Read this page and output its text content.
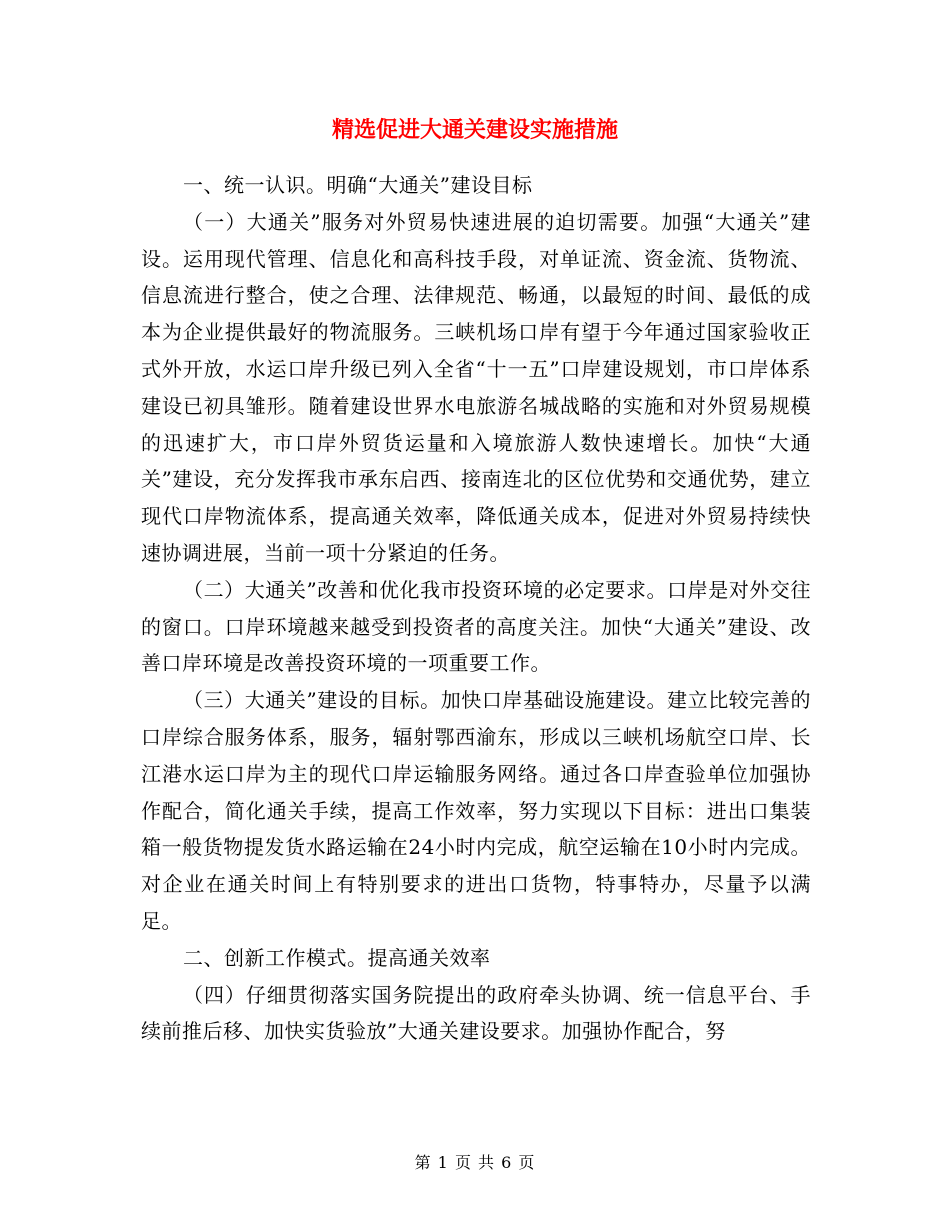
精选促进大通关建设实施措施

一、统一认识。明确“大通关”建设目标

（一）大通关”服务对外贸易快速进展的迫切需要。加强“大通关”建设。运用现代管理、信息化和高科技手段，对单证流、资金流、货物流、信息流进行整合，使之合理、法律规范、畅通，以最短的时间、最低的成本为企业提供最好的物流服务。三峡机场口岸有望于今年通过国家验收正式外开放，水运口岸升级已列入全省“十一五”口岸建设规划，市口岸体系建设已初具雏形。随着建设世界水电旅游名城战略的实施和对外贸易规模的迅速扩大，市口岸外贸货运量和入境旅游人数快速增长。加快“大通关”建设，充分发挥我市承东启西、接南连北的区位优势和交通优势，建立现代口岸物流体系，提高通关效率，降低通关成本，促进对外贸易持续快速协调进展，当前一项十分紧迫的任务。

（二）大通关”改善和优化我市投资环境的必定要求。口岸是对外交往的窗口。口岸环境越来越受到投资者的高度关注。加快“大通关”建设、改善口岸环境是改善投资环境的一项重要工作。

（三）大通关”建设的目标。加快口岸基础设施建设。建立比较完善的口岸综合服务体系，服务，辐射鄂西渝东，形成以三峡机场航空口岸、长江港水运口岸为主的现代口岸运输服务网络。通过各口岸查验单位加强协作配合，简化通关手续，提高工作效率，努力实现以下目标：进出口集装箱一般货物提发货水路运输在24小时内完成，航空运输在10小时内完成。对企业在通关时间上有特别要求的进出口货物，特事特办，尽量予以满足。

二、创新工作模式。提高通关效率

（四）仔细贯彻落实国务院提出的政府牵头协调、统一信息平台、手续前推后移、加快实货验放”大通关建设要求。加强协作配合，努

第 1 页 共 6 页
